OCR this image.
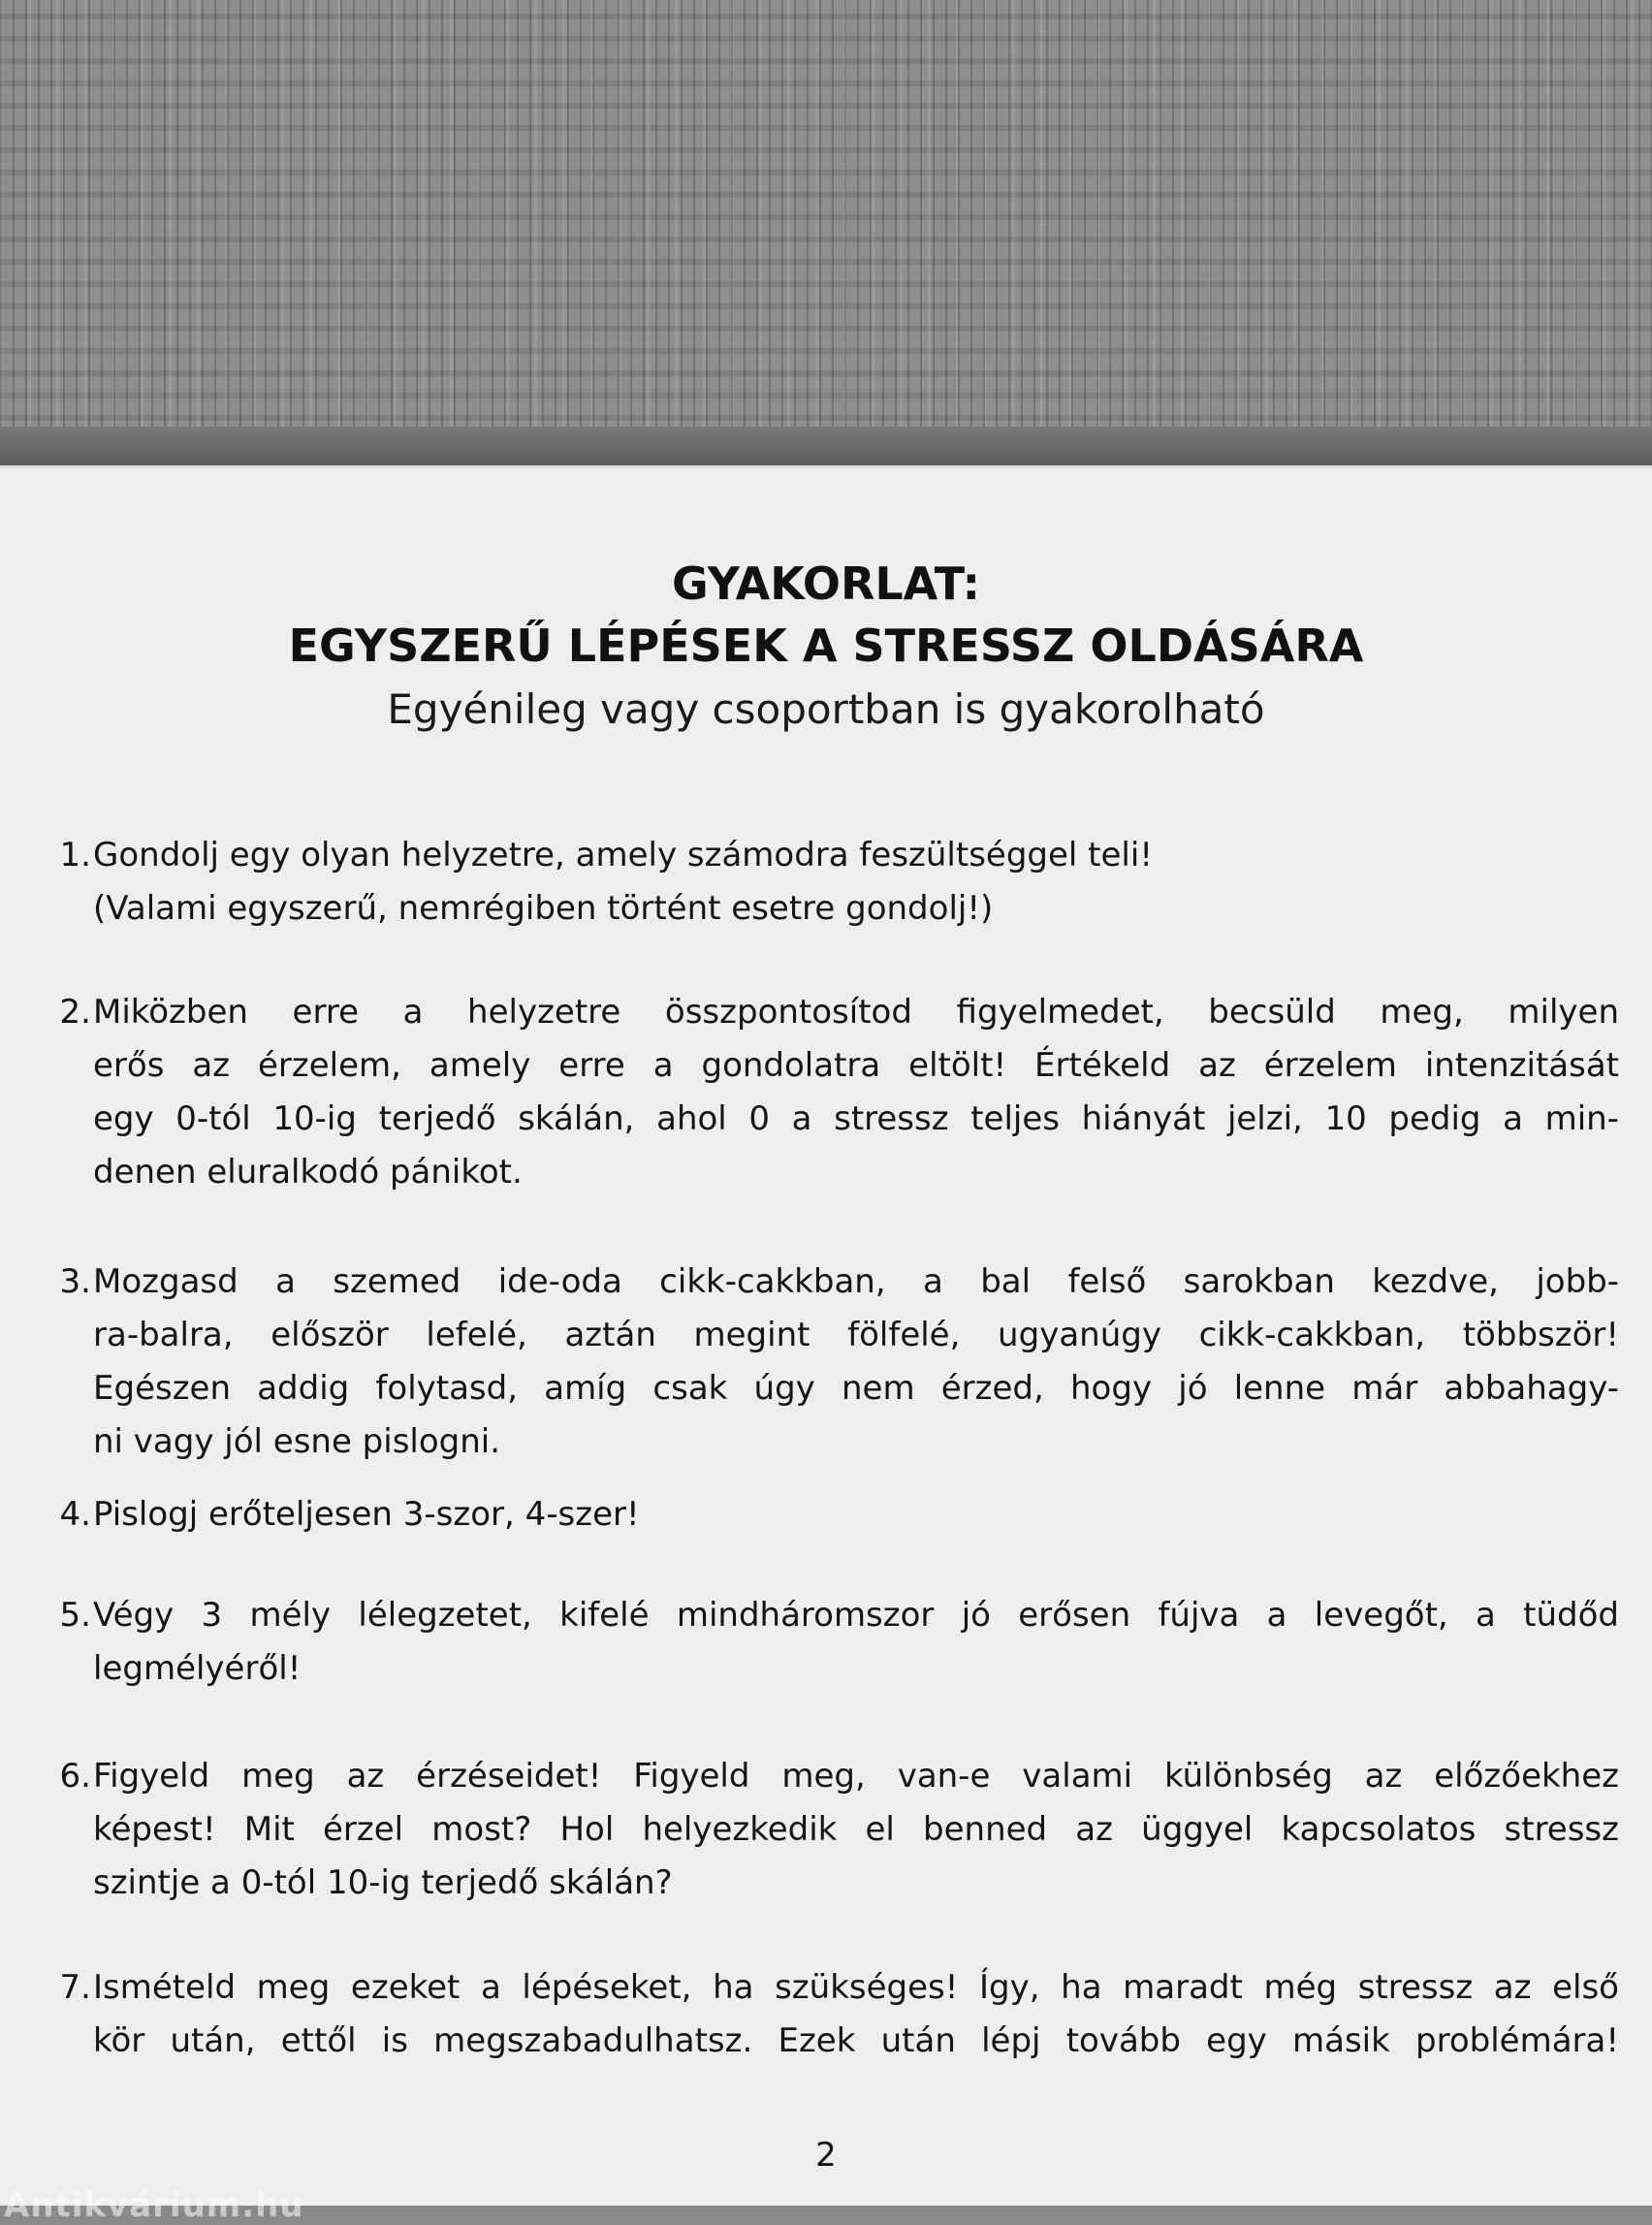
GYAKORLAT:
EGYSZERŰ LÉPÉSEK A STRESSZ OLDÁSÁRA
Egyénileg vagy csoportban is gyakorolható
1. Gondolj egy olyan helyzetre, amely számodra feszültséggel teli!
(Valami egyszerű, nemrégiben történt esetre gondolj!)
2. Miközben erre a helyzetre összpontosítod figyelmedet, becsüld meg, milyen
erős az érzelem, amely erre a gondolatra eltölt! Értékeld az érzelem intenzitását
egy 0-tól 10-ig terjedő skálán, ahol 0 a stressz teljes hiányát jelzi, 10 pedig a min-
denen eluralkodó pánikot.
3. Mozgasd a szemed ide-oda cikk-cakkban, a bal felső sarokban kezdve, jobb-
ra-balra, először lefelé, aztán megint fölfelé, ugyanúgy cikk-cakkban, többször!
Egészen addig folytasd, amíg csak úgy nem érzed, hogy jó lenne már abbahagy-
ni vagy jól esne pislogni.
4. Pislogj erőteljesen 3-szor, 4-szer!
5. Végy 3 mély lélegzetet, kifelé mindháromszor jó erősen fújva a levegőt, a tüdőd
legmélyéről!
6. Figyeld meg az érzéseidet! Figyeld meg, van-e valami különbség az előzőekhez
képest! Mit érzel most? Hol helyezkedik el benned az üggyel kapcsolatos stressz
szintje a 0-tól 10-ig terjedő skálán?
7. Ismételd meg ezeket a lépéseket, ha szükséges! Így, ha maradt még stressz az első
kör után, ettől is megszabadulhatsz. Ezek után lépj tovább egy másik problémára!
2
Antikvárium.hu
